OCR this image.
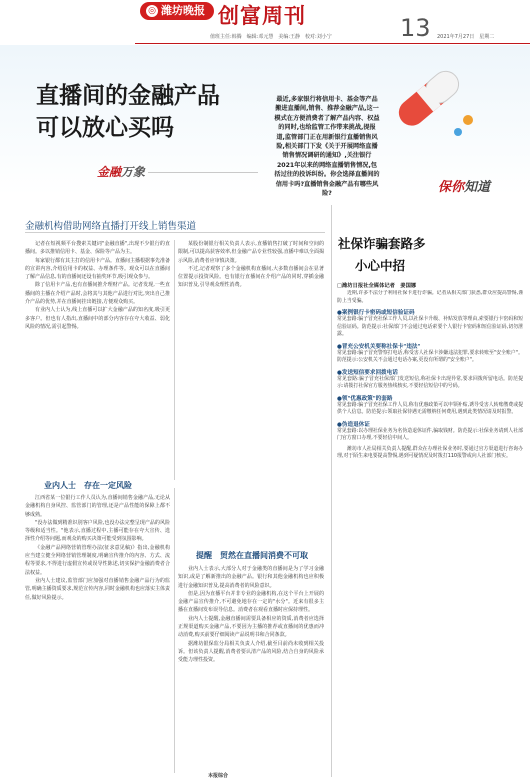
◎ 潍坊晚报 创富周刊
值班主任:韩腾　编辑:邓元慧　美编:王静　校对:刘小宁	13 2021年7月27日　星期二
直播间的金融产品
可以放心买吗
金融万象
最近,多家银行将信用卡、基金等产品搬进直播间,销售、推荐金融产品,这一模式在方便消费者了解产品内容、权益的同时,也给监管工作带来挑战,提报道,监管部门正在用新银行直播销售风险,相关部门下发《关于开展网络直播销售情况调研的通知》,关注银行2021年以来的网络直播销售情况,包括过往的投诉纠纷。你会选择直播间的信用卡吗?直播销售金融产品有哪些风险?	保你知道
金融机构借助网络直播打开线上销售渠道

记者在短视频平台搜索关键词"金融直播",出现不少银行的直播间。多以推销信用卡、基金、保险等产品为主。

每家银行都有其主打的信用卡产品。直播间主播根据事先准备的宣讲内容,介绍信用卡的权益、办理条件等。观众可以在直播间了解产品信息,有的直播间还设有抽奖环节,吸引观众参与。

除了信用卡产品,也有直播间推介理财产品。记者发现,一些直播间的主播在介绍产品时,会将其与其他产品进行对比,突出自己推介产品的优势,并在直播间挂出链接,方便观众购买。

有业内人士认为,线上直播可以扩大金融产品的知名度,吸引更多客户。但也有人指出,直播间中的部分内容存在夸大收益、弱化风险的情况,需引起警惕。

某股份制银行相关负责人表示,直播销售打破了时间和空间的限制,可以提高获客效率,但金融产品专业性较强,直播中难以全面揭示风险,消费者应审慎决策。

不过,记者观察了多个金融机构直播间,大多数直播间会在显著位置提示投资风险。也有银行直播间在介绍产品的同时,穿插金融知识普及,引导观众理性消费。

业内人士　存在一定风险

江西省某一位银行工作人员认为,直播间销售金融产品,无论从金融机构自身风控、监管部门的管理,还是产品性能的保障上都不够成熟。

"没办法做到精准识别客户风险,也没办法完整呈现产品的风险等级和适当性。"他表示,直播过程中,主播可能存在夸大宣传、选择性介绍等问题,而观众的购买决策可能受到氛围影响。

《金融产品网络营销管理办法(征求意见稿)》指出,金融机构应当建立健全网络营销管理制度,明确宣传推介的内容、方式、流程等要求,不得进行虚假宣传或误导性陈述,切实保护金融消费者合法权益。

业内人士建议,监管部门应加强对直播销售金融产品行为的监管,明确主播资质要求,规范宣传内容,同时金融机构也应落实主体责任,做好风险提示。

提醒　贸然在直播间消费不可取

业内人士表示,大部分人对于金融类的直播间是为了学习金融知识,或是了解新推出的金融产品。银行和其他金融机构也应积极进行金融知识普及,提高消费者的风险意识。

但是,因为直播平台并非专业的金融机构,在这个平台上开展的金融产品宣传推介,不可避免地存在一定的"水分"。近来有很多主播在直播间发布误导信息。消费者在观看直播时应保持理性。

业内人士提醒,金融直播间需要具备相应的资质,消费者应选择正规渠道购买金融产品,不要因为主播的推荐或直播间的优惠而冲动消费,购买前要仔细阅读产品说明书和合同条款。

据潍坊银保监分局相关负责人介绍,截至目前尚未收到相关投诉。但该负责人提醒,消费者要认清产品的风险,结合自身的风险承受能力理性投资。

本报综合
社保诈骗套路多
小心中招
□潍坊日报社全媒体记者　姜国娜

近期,许多不法分子利用社保卡进行诈骗。记者从相关部门获悉,群众应提高警惕,谨防上当受骗。

●案例银行卡密码或短信验证码

常见套路:骗子冒充社保工作人员,以社保卡升级、补贴发放等理由,索要银行卡密码和短信验证码。防范提示:社保部门不会通过电话索要个人银行卡密码和短信验证码,切勿泄露。

●冒充公安机关要称社保卡"违法"

常见套路:骗子冒充警察打电话,称受害人社保卡涉嫌违法犯罪,要求转账至"安全账户"。防范提示:公安机关不会通过电话办案,更没有所谓的"安全账户"。

●发送短信要求回拨电话

常见套路:骗子冒充社保部门发送短信,称社保卡出现异常,要求回拨所留电话。防范提示:请拨打社保官方服务热线核实,不要轻信短信中的号码。

●领"优惠政策"的套路

常见套路:骗子冒充社保工作人员,称有优惠政策可以申领补贴,诱导受害人转账缴费或提供个人信息。防范提示:领取社保待遇无需缴纳任何费用,遇到此类情况请及时报警。

●伪造退休证

常见套路:以办理社保业务为名伪造退休证件,骗取钱财。防范提示:社保业务请到人社部门官方窗口办理,不要轻信中间人。

潍坊市人社局相关负责人提醒,群众在办理社保业务时,要通过官方渠道进行咨询办理,对于陌生来电要提高警惕,遇到可疑情况及时拨打110报警或向人社部门核实。
